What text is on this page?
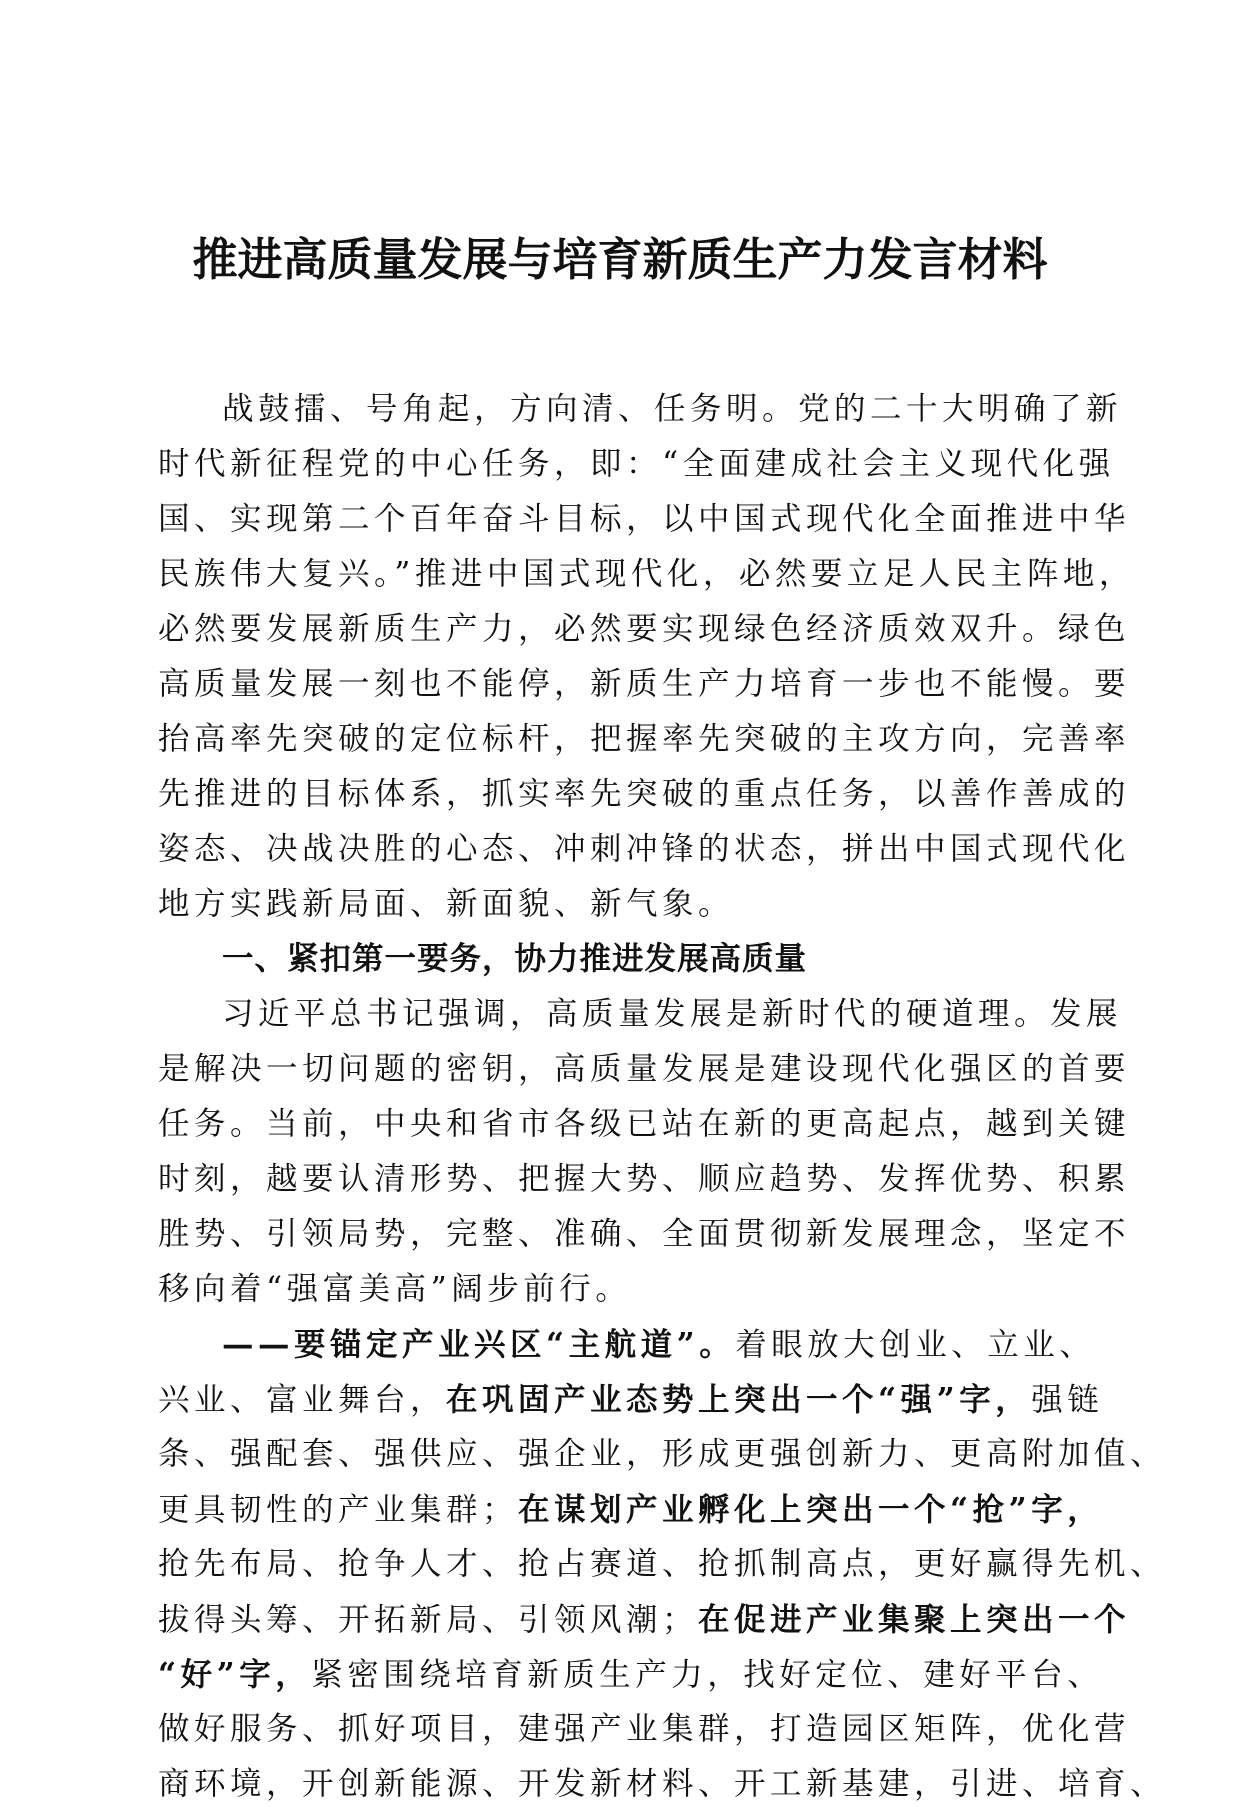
推进高质量发展与培育新质生产力发言材料
战鼓擂、号角起，方向清、任务明。党的二十大明确了新
时代新征程党的中心任务，即：“全面建成社会主义现代化强
国、实现第二个百年奋斗目标，以中国式现代化全面推进中华
民族伟大复兴。”推进中国式现代化，必然要立足人民主阵地，
必然要发展新质生产力，必然要实现绿色经济质效双升。绿色
高质量发展一刻也不能停，新质生产力培育一步也不能慢。要
抬高率先突破的定位标杆，把握率先突破的主攻方向，完善率
先推进的目标体系，抓实率先突破的重点任务，以善作善成的
姿态、决战决胜的心态、冲刺冲锋的状态，拼出中国式现代化
地方实践新局面、新面貌、新气象。
一、紧扣第一要务，协力推进发展高质量
习近平总书记强调，高质量发展是新时代的硬道理。发展
是解决一切问题的密钥，高质量发展是建设现代化强区的首要
任务。当前，中央和省市各级已站在新的更高起点，越到关键
时刻，越要认清形势、把握大势、顺应趋势、发挥优势、积累
胜势、引领局势，完整、准确、全面贯彻新发展理念，坚定不
移向着“强富美高”阔步前行。
——要锚定产业兴区“主航道”。着眼放大创业、立业、
兴业、富业舞台，在巩固产业态势上突出一个“强”字，强链
条、强配套、强供应、强企业，形成更强创新力、更高附加值、
更具韧性的产业集群；在谋划产业孵化上突出一个“抢”字，
抢先布局、抢争人才、抢占赛道、抢抓制高点，更好赢得先机、
拔得头筹、开拓新局、引领风潮；在促进产业集聚上突出一个
“好”字，紧密围绕培育新质生产力，找好定位、建好平台、
做好服务、抓好项目，建强产业集群，打造园区矩阵，优化营
商环境，开创新能源、开发新材料、开工新基建，引进、培育、
